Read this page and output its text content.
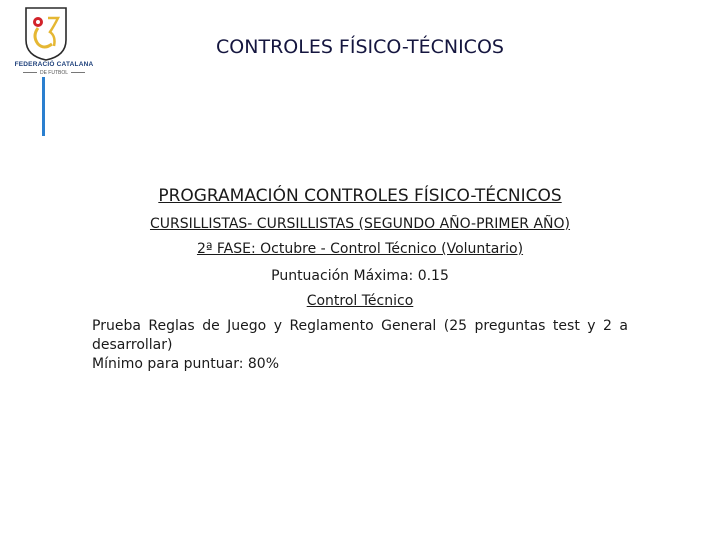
FEDERACIÓ CATALANA
DE FUTBOL
CONTROLES FÍSICO-TÉCNICOS
PROGRAMACIÓN CONTROLES FÍSICO-TÉCNICOS
CURSILLISTAS- CURSILLISTAS (SEGUNDO AÑO-PRIMER AÑO)
2ª FASE: Octubre - Control Técnico (Voluntario)
Puntuación Máxima: 0.15
Control Técnico
Prueba Reglas de Juego y Reglamento General (25 preguntas test y 2 a desarrollar)
Mínimo para puntuar: 80%
